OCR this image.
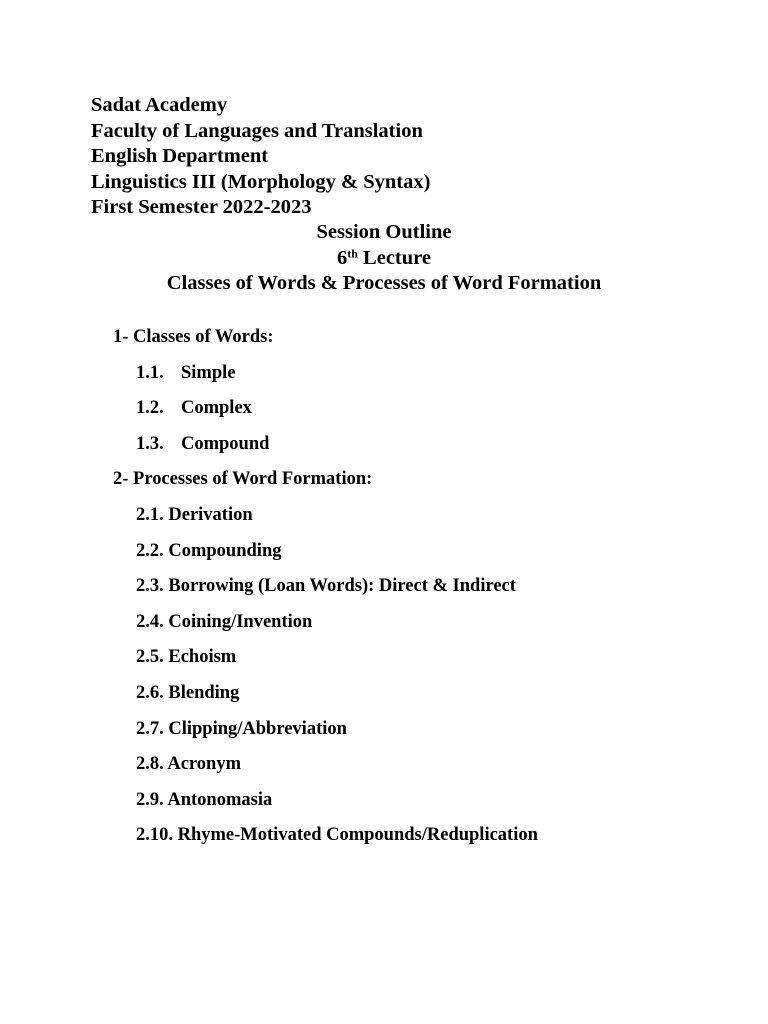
Sadat Academy
Faculty of Languages and Translation
English Department
Linguistics III (Morphology & Syntax)
First Semester 2022-2023
Session Outline
6th Lecture
Classes of Words & Processes of Word Formation
1- Classes of Words:
1.1. Simple
1.2. Complex
1.3. Compound
2- Processes of Word Formation:
2.1. Derivation
2.2. Compounding
2.3. Borrowing (Loan Words): Direct & Indirect
2.4. Coining/Invention
2.5. Echoism
2.6. Blending
2.7. Clipping/Abbreviation
2.8. Acronym
2.9. Antonomasia
2.10. Rhyme-Motivated Compounds/Reduplication
